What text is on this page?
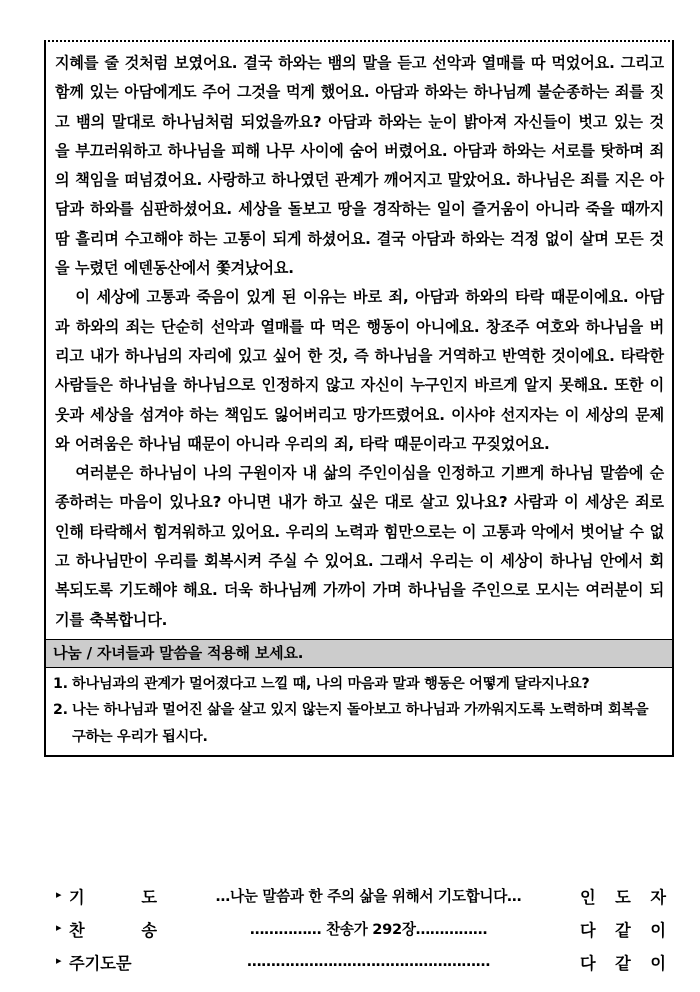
지혜를 줄 것처럼 보였어요. 결국 하와는 뱀의 말을 듣고 선악과 열매를 따 먹었어요. 그리고 함께 있는 아담에게도 주어 그것을 먹게 했어요. 아담과 하와는 하나님께 불순종하는 죄를 짓고 뱀의 말대로 하나님처럼 되었을까요? 아담과 하와는 눈이 밝아져 자신들이 벗고 있는 것을 부끄러워하고 하나님을 피해 나무 사이에 숨어 버렸어요. 아담과 하와는 서로를 탓하며 죄의 책임을 떠넘겼어요. 사랑하고 하나였던 관계가 깨어지고 말았어요. 하나님은 죄를 지은 아담과 하와를 심판하셨어요. 세상을 돌보고 땅을 경작하는 일이 즐거움이 아니라 죽을 때까지 땀 흘리며 수고해야 하는 고통이 되게 하셨어요. 결국 아담과 하와는 걱정 없이 살며 모든 것을 누렸던 에덴동산에서 쫓겨났어요.

이 세상에 고통과 죽음이 있게 된 이유는 바로 죄, 아담과 하와의 타락 때문이에요. 아담과 하와의 죄는 단순히 선악과 열매를 따 먹은 행동이 아니에요. 창조주 여호와 하나님을 버리고 내가 하나님의 자리에 있고 싶어 한 것, 즉 하나님을 거역하고 반역한 것이에요. 타락한 사람들은 하나님을 하나님으로 인정하지 않고 자신이 누구인지 바르게 알지 못해요. 또한 이웃과 세상을 섬겨야 하는 책임도 잃어버리고 망가뜨렸어요. 이사야 선지자는 이 세상의 문제와 어려움은 하나님 때문이 아니라 우리의 죄, 타락 때문이라고 꾸짖었어요.

여러분은 하나님이 나의 구원이자 내 삶의 주인이심을 인정하고 기쁘게 하나님 말씀에 순종하려는 마음이 있나요? 아니면 내가 하고 싶은 대로 살고 있나요? 사람과 이 세상은 죄로 인해 타락해서 힘겨워하고 있어요. 우리의 노력과 힘만으로는 이 고통과 악에서 벗어날 수 없고 하나님만이 우리를 회복시켜 주실 수 있어요. 그래서 우리는 이 세상이 하나님 안에서 회복되도록 기도해야 해요. 더욱 하나님께 가까이 가며 하나님을 주인으로 모시는 여러분이 되기를 축복합니다.

나눔 / 자녀들과 말씀을 적용해 보세요.
1. 하나님과의 관계가 멀어졌다고 느낄 때, 나의 마음과 말과 행동은 어떻게 달라지나요?
2. 나는 하나님과 멀어진 삶을 살고 있지 않는지 돌아보고 하나님과 가까워지도록 노력하며 회복을 구하는 우리가 됩시다.
▸ 기	도	…나눈 말씀과 한 주의 삶을 위해서 기도합니다…	인 도 자
▸ 찬	송	…………… 찬송가 292장……………	다 같 이
▸ 주기도문	……………………………………………	다 같 이
